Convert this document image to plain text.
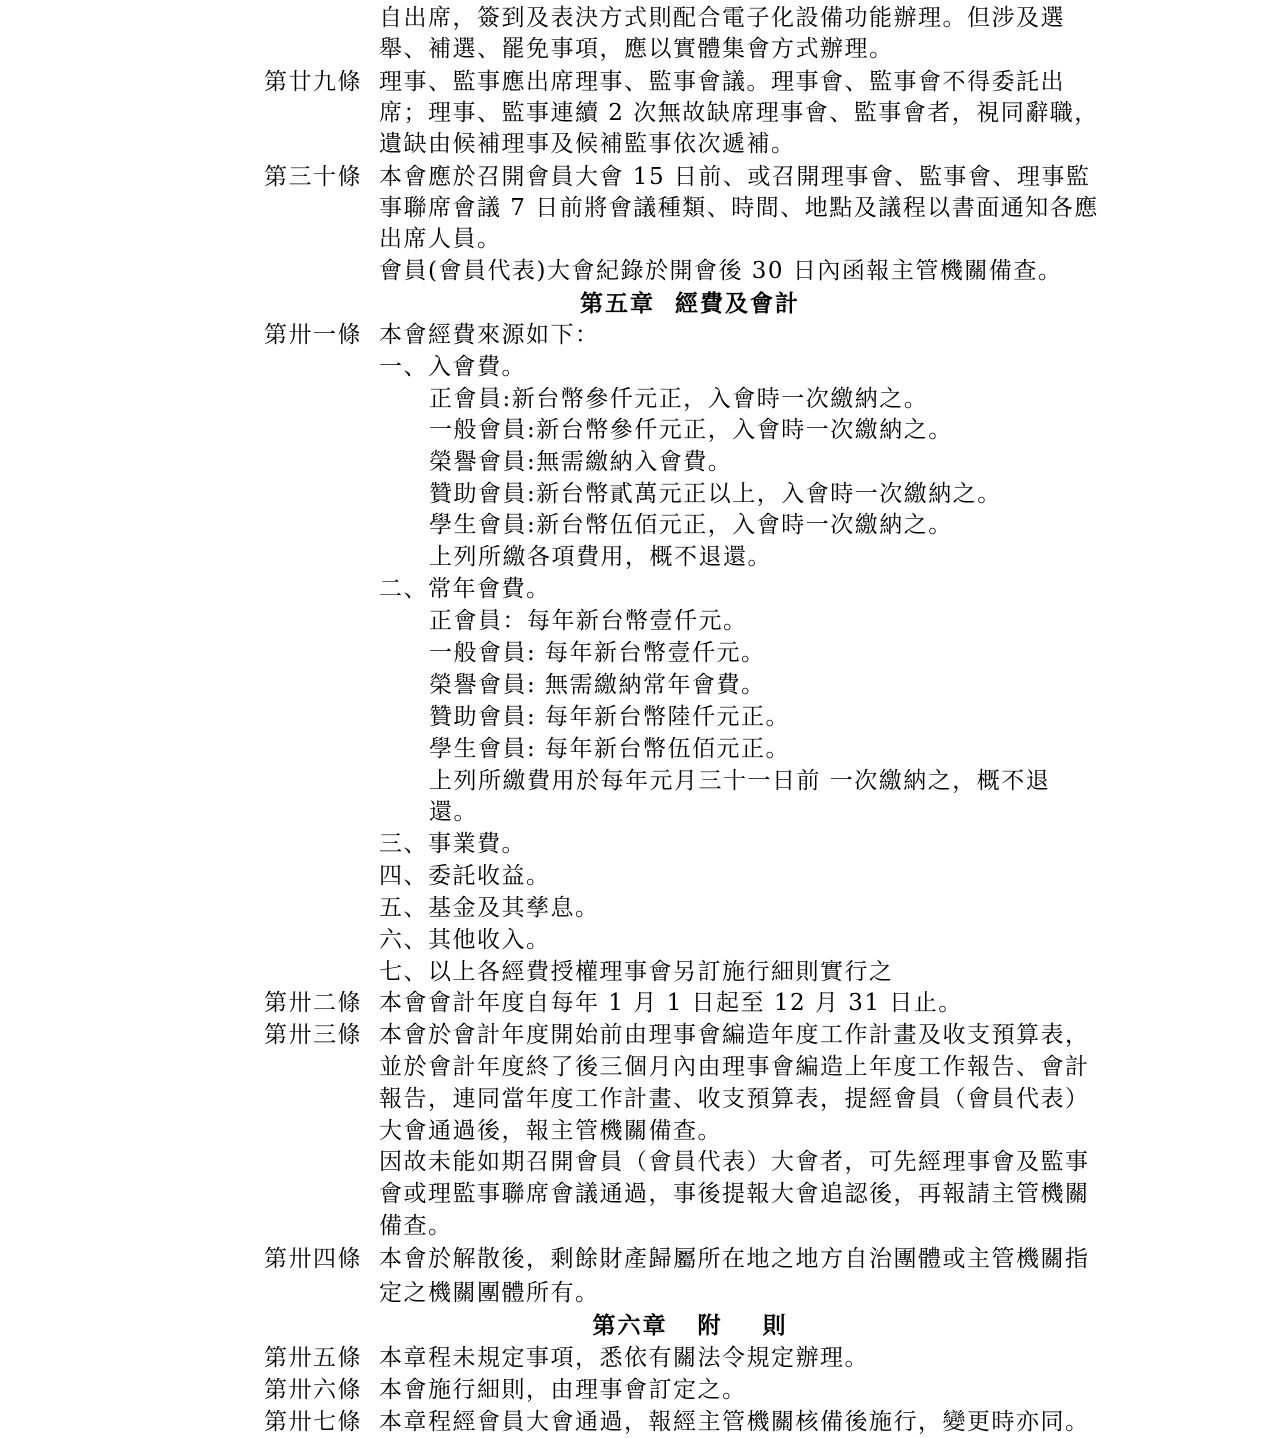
自出席，簽到及表決方式則配合電子化設備功能辦理。但涉及選
舉、補選、罷免事項，應以實體集會方式辦理。
第廿九條 理事、監事應出席理事、監事會議。理事會、監事會不得委託出
席；理事、監事連續 2 次無故缺席理事會、監事會者，視同辭職，
遺缺由候補理事及候補監事依次遞補。
第三十條 本會應於召開會員大會 15 日前、或召開理事會、監事會、理事監
事聯席會議 7 日前將會議種類、時間、地點及議程以書面通知各應
出席人員。
會員(會員代表)大會紀錄於開會後 30 日內函報主管機關備查。
第五章  經費及會計
第卅一條 本會經費來源如下：
一、入會費。
正會員:新台幣參仟元正，入會時一次繳納之。
一般會員:新台幣參仟元正，入會時一次繳納之。
榮譽會員:無需繳納入會費。
贊助會員:新台幣貳萬元正以上，入會時一次繳納之。
學生會員:新台幣伍佰元正，入會時一次繳納之。
上列所繳各項費用，概不退還。
二、常年會費。
正會員：每年新台幣壹仟元。
一般會員: 每年新台幣壹仟元。
榮譽會員: 無需繳納常年會費。
贊助會員: 每年新台幣陸仟元正。
學生會員: 每年新台幣伍佰元正。
上列所繳費用於每年元月三十一日前 一次繳納之，概不退
還。
三、事業費。
四、委託收益。
五、基金及其孳息。
六、其他收入。
七、以上各經費授權理事會另訂施行細則實行之
第卅二條 本會會計年度自每年 1 月 1 日起至 12 月 31 日止。
第卅三條 本會於會計年度開始前由理事會編造年度工作計畫及收支預算表，
並於會計年度終了後三個月內由理事會編造上年度工作報告、會計
報告，連同當年度工作計畫、收支預算表，提經會員（會員代表）
大會通過後，報主管機關備查。
因故未能如期召開會員（會員代表）大會者，可先經理事會及監事
會或理監事聯席會議通過，事後提報大會追認後，再報請主管機關
備查。
第卅四條 本會於解散後，剩餘財產歸屬所在地之地方自治團體或主管機關指
定之機關團體所有。
第六章   附    則
第卅五條 本章程未規定事項，悉依有關法令規定辦理。
第卅六條 本會施行細則，由理事會訂定之。
第卅七條 本章程經會員大會通過，報經主管機關核備後施行，變更時亦同。
